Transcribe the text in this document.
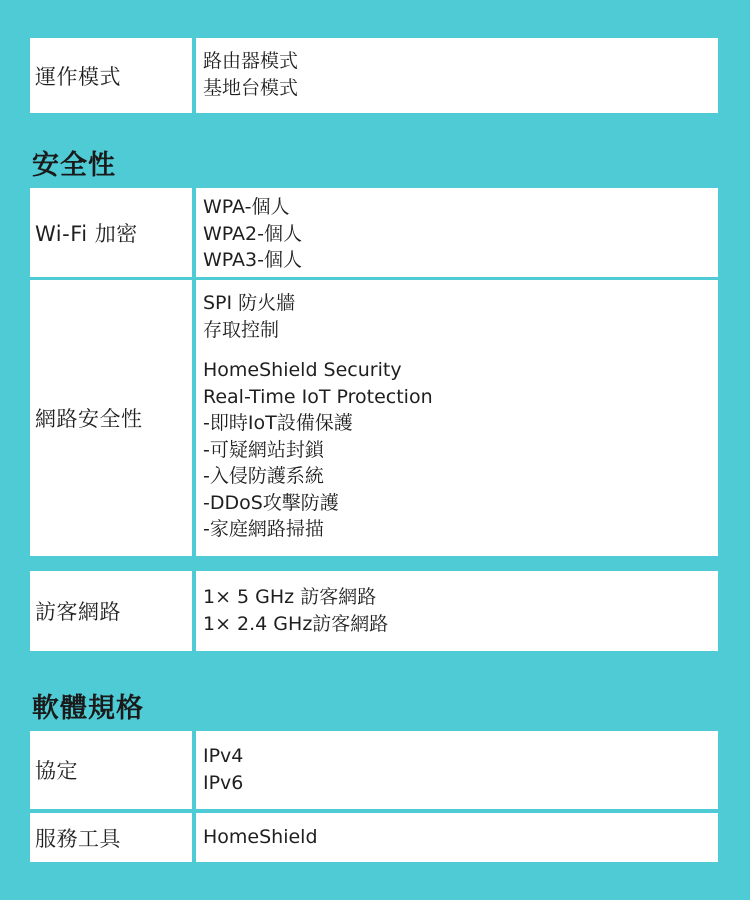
運作模式
路由器模式
基地台模式
安全性
Wi-Fi 加密
WPA-個人
WPA2-個人
WPA3-個人
網路安全性
SPI 防火牆
存取控制
HomeShield Security
Real-Time IoT Protection
-即時IoT設備保護
-可疑網站封鎖
-入侵防護系統
-DDoS攻擊防護
-家庭網路掃描
訪客網路
1× 5 GHz 訪客網路
1× 2.4 GHz訪客網路
軟體規格
協定
IPv4
IPv6
服務工具	HomeShield
